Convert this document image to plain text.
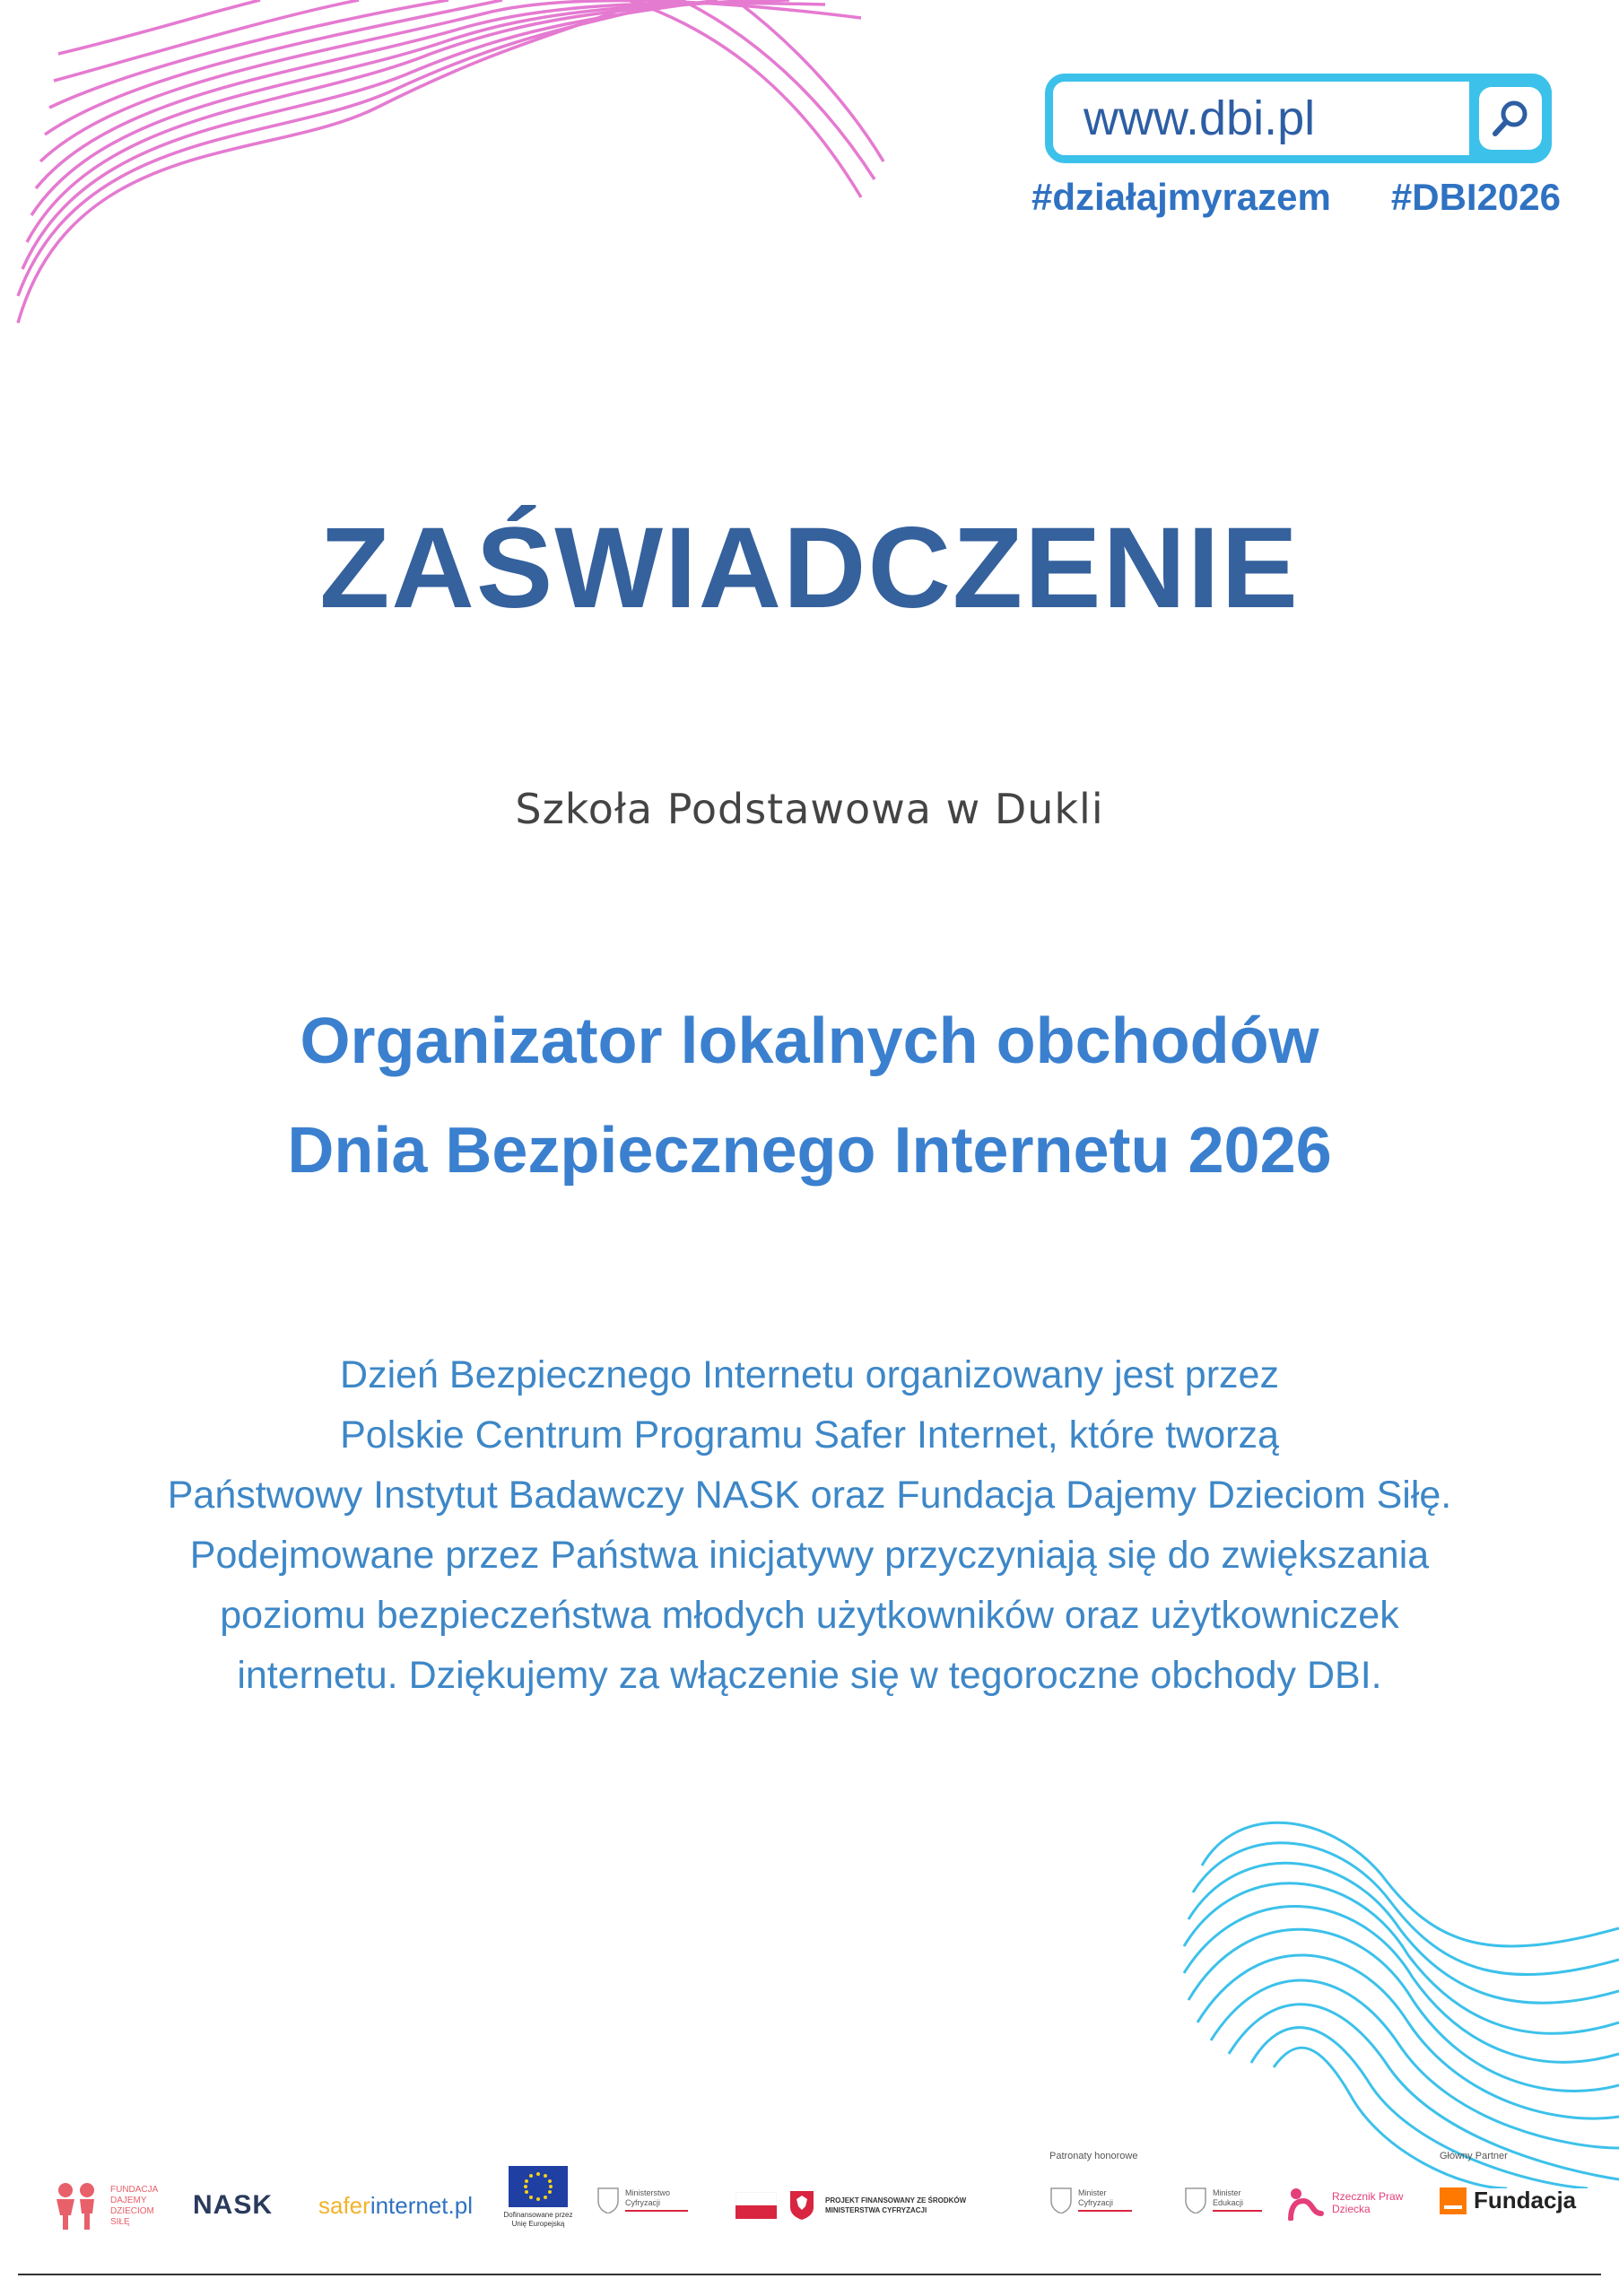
www.dbi.pl
#działajmyrazem #DBI2026
ZAŚWIADCZENIE
Szkoła Podstawowa w Dukli
Organizator lokalnych obchodów
Dnia Bezpiecznego Internetu 2026
Dzień Bezpiecznego Internetu organizowany jest przez
Polskie Centrum Programu Safer Internet, które tworzą
Państwowy Instytut Badawczy NASK oraz Fundacja Dajemy Dzieciom Siłę.
Podejmowane przez Państwa inicjatywy przyczyniają się do zwiększania
poziomu bezpieczeństwa młodych użytkowników oraz użytkowniczek
internetu. Dziękujemy za włączenie się w tegoroczne obchody DBI.
FUNDACJA DAJEMY DZIECIOM SIŁĘ
NASK safer internet.pl	Dofinansowane przez Unię Europejską
Ministerstwo Cyfryzacji	PROJEKT FINANSOWANY ZE ŚRODKÓW MINISTERSTWA CYFRYZACJI
Patronaty honorowe
Minister Cyfryzacji
Minister Edukacji	Rzecznik Praw Dziecka
Główny Partner
Fundacja
